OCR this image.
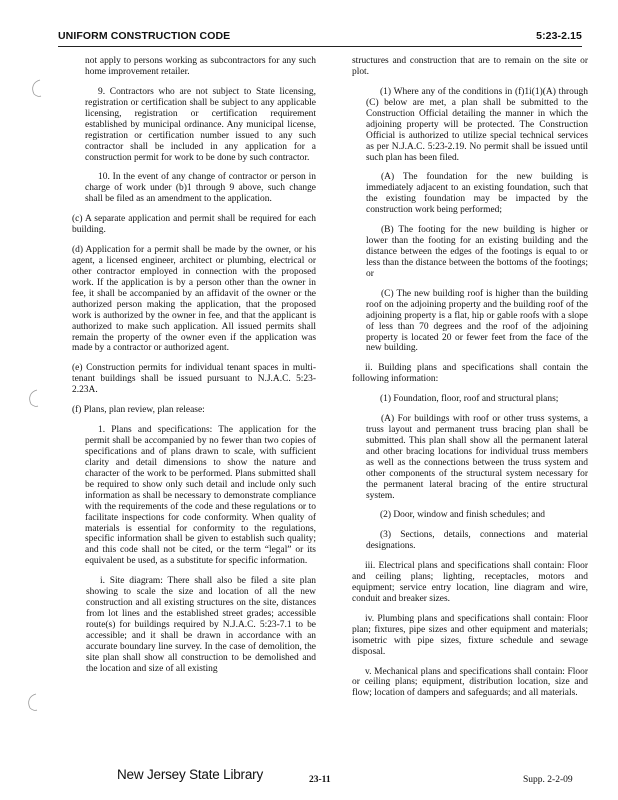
UNIFORM CONSTRUCTION CODE	5:23-2.15

not apply to persons working as subcontractors for any such home improvement retailer.

9. Contractors who are not subject to State licensing, registration or certification shall be subject to any applicable licensing, registration or certification requirement established by municipal ordinance. Any municipal license, registration or certification number issued to any such contractor shall be included in any application for a construction permit for work to be done by such contractor.

10. In the event of any change of contractor or person in charge of work under (b)1 through 9 above, such change shall be filed as an amendment to the application.

(c) A separate application and permit shall be required for each building.

(d) Application for a permit shall be made by the owner, or his agent, a licensed engineer, architect or plumbing, electrical or other contractor employed in connection with the proposed work. If the application is by a person other than the owner in fee, it shall be accompanied by an affidavit of the owner or the authorized person making the application, that the proposed work is authorized by the owner in fee, and that the applicant is authorized to make such application. All issued permits shall remain the property of the owner even if the application was made by a contractor or authorized agent.

(e) Construction permits for individual tenant spaces in multi-tenant buildings shall be issued pursuant to N.J.A.C. 5:23-2.23A.

(f) Plans, plan review, plan release:

1. Plans and specifications: The application for the permit shall be accompanied by no fewer than two copies of specifications and of plans drawn to scale, with sufficient clarity and detail dimensions to show the nature and character of the work to be performed. Plans submitted shall be required to show only such detail and include only such information as shall be necessary to demonstrate compliance with the requirements of the code and these regulations or to facilitate inspections for code conformity. When quality of materials is essential for conformity to the regulations, specific information shall be given to establish such quality; and this code shall not be cited, or the term “legal” or its equivalent be used, as a substitute for specific information.

i. Site diagram: There shall also be filed a site plan showing to scale the size and location of all the new construction and all existing structures on the site, distances from lot lines and the established street grades; accessible route(s) for buildings required by N.J.A.C. 5:23-7.1 to be accessible; and it shall be drawn in accordance with an accurate boundary line survey. In the case of demolition, the site plan shall show all construction to be demolished and the location and size of all existing

structures and construction that are to remain on the site or plot.

(1) Where any of the conditions in (f)1i(1)(A) through (C) below are met, a plan shall be submitted to the Construction Official detailing the manner in which the adjoining property will be protected. The Construction Official is authorized to utilize special technical services as per N.J.A.C. 5:23-2.19. No permit shall be issued until such plan has been filed.

(A) The foundation for the new building is immediately adjacent to an existing foundation, such that the existing foundation may be impacted by the construction work being performed;

(B) The footing for the new building is higher or lower than the footing for an existing building and the distance between the edges of the footings is equal to or less than the distance between the bottoms of the footings; or

(C) The new building roof is higher than the building roof on the adjoining property and the building roof of the adjoining property is a flat, hip or gable roofs with a slope of less than 70 degrees and the roof of the adjoining property is located 20 or fewer feet from the face of the new building.

ii. Building plans and specifications shall contain the following information:

(1) Foundation, floor, roof and structural plans;

(A) For buildings with roof or other truss systems, a truss layout and permanent truss bracing plan shall be submitted. This plan shall show all the permanent lateral and other bracing locations for individual truss members as well as the connections between the truss system and other components of the structural system necessary for the permanent lateral bracing of the entire structural system.

(2) Door, window and finish schedules; and

(3) Sections, details, connections and material designations.

iii. Electrical plans and specifications shall contain: Floor and ceiling plans; lighting, receptacles, motors and equipment; service entry location, line diagram and wire, conduit and breaker sizes.

iv. Plumbing plans and specifications shall contain: Floor plan; fixtures, pipe sizes and other equipment and materials; isometric with pipe sizes, fixture schedule and sewage disposal.

v. Mechanical plans and specifications shall contain: Floor or ceiling plans; equipment, distribution location, size and flow; location of dampers and safeguards; and all materials.

New Jersey State Library	23-11	Supp. 2-2-09
